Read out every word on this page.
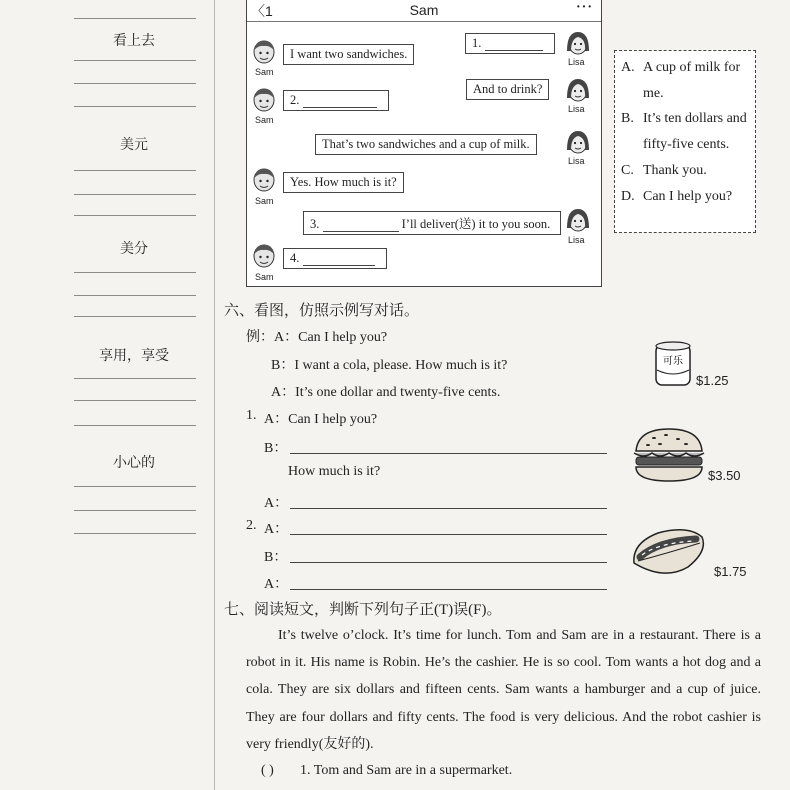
看上去
美元
美分
享用，享受
小心的
〈1	Sam	···
Sam
I want two sandwiches.
Lisa
1.
Sam
2.
Lisa
And to drink?
Lisa
That’s two sandwiches and a cup of milk.
Sam
Yes. How much is it?
Lisa
3.	I’ll deliver(送) it to you soon.
Sam
4.
A. A cup of milk for me.
B. It’s ten dollars and fifty-five cents.
C. Thank you.
D. Can I help you?
六、看图，仿照示例写对话。
例： A：Can I help you?
B：I want a cola, please. How much is it?
A：It’s one dollar and twenty-five cents.
1. A：Can I help you?
B：
How much is it?
A：
2. A：
B：
A：
可乐
$1.25
$3.50
$1.75
七、阅读短文，判断下列句子正(T)误(F)。
It’s twelve o’clock. It’s time for lunch. Tom and Sam are in a restaurant. There is a robot in it. His name is Robin. He’s the cashier. He is so cool. Tom wants a hot dog and a cola. They are six dollars and fifteen cents. Sam wants a hamburger and a cup of juice. They are four dollars and fifty cents. The food is very delicious. And the robot cashier is very friendly(友好的).
( ) 1. Tom and Sam are in a supermarket.
